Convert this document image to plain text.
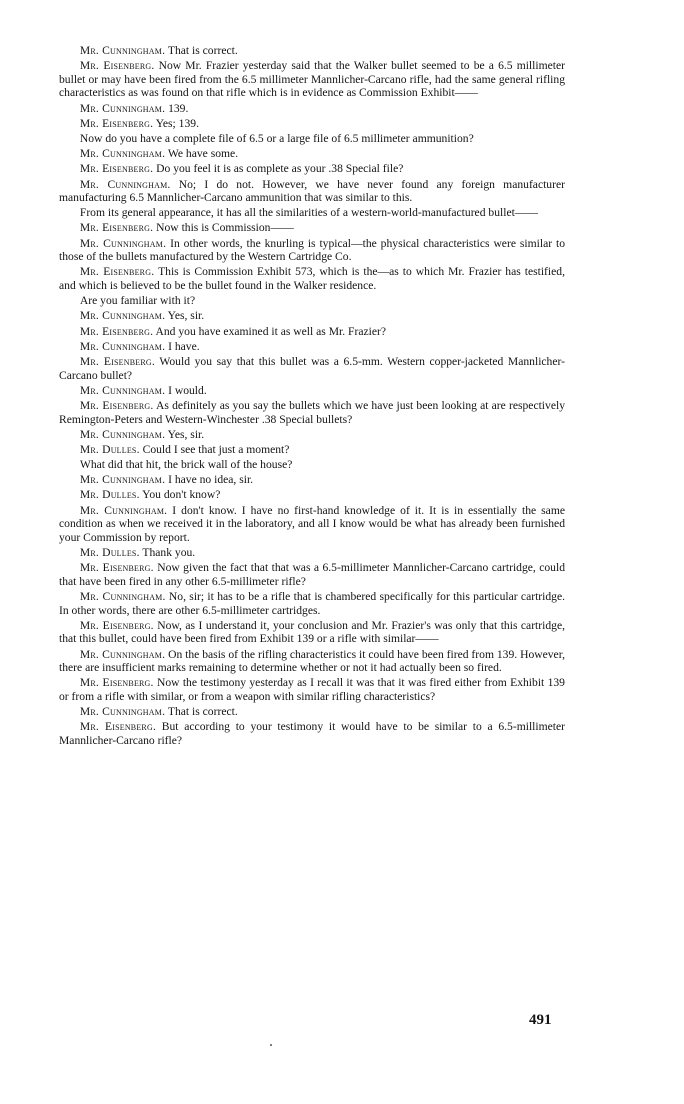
Mr. Cunningham. That is correct.

Mr. Eisenberg. Now Mr. Frazier yesterday said that the Walker bullet seemed to be a 6.5 millimeter bullet or may have been fired from the 6.5 millimeter Mannlicher-Carcano rifle, had the same general rifling characteristics as was found on that rifle which is in evidence as Commission Exhibit——

Mr. Cunningham. 139.

Mr. Eisenberg. Yes; 139.

Now do you have a complete file of 6.5 or a large file of 6.5 millimeter ammunition?

Mr. Cunningham. We have some.

Mr. Eisenberg. Do you feel it is as complete as your .38 Special file?

Mr. Cunningham. No; I do not. However, we have never found any foreign manufacturer manufacturing 6.5 Mannlicher-Carcano ammunition that was similar to this.

From its general appearance, it has all the similarities of a western-world-manufactured bullet——

Mr. Eisenberg. Now this is Commission——

Mr. Cunningham. In other words, the knurling is typical—the physical characteristics were similar to those of the bullets manufactured by the Western Cartridge Co.

Mr. Eisenberg. This is Commission Exhibit 573, which is the—as to which Mr. Frazier has testified, and which is believed to be the bullet found in the Walker residence.

Are you familiar with it?

Mr. Cunningham. Yes, sir.

Mr. Eisenberg. And you have examined it as well as Mr. Frazier?

Mr. Cunningham. I have.

Mr. Eisenberg. Would you say that this bullet was a 6.5-mm. Western copper-jacketed Mannlicher-Carcano bullet?

Mr. Cunningham. I would.

Mr. Eisenberg. As definitely as you say the bullets which we have just been looking at are respectively Remington-Peters and Western-Winchester .38 Special bullets?

Mr. Cunningham. Yes, sir.

Mr. Dulles. Could I see that just a moment?

What did that hit, the brick wall of the house?

Mr. Cunningham. I have no idea, sir.

Mr. Dulles. You don't know?

Mr. Cunningham. I don't know. I have no first-hand knowledge of it. It is in essentially the same condition as when we received it in the laboratory, and all I know would be what has already been furnished your Commission by report.

Mr. Dulles. Thank you.

Mr. Eisenberg. Now given the fact that that was a 6.5-millimeter Mannlicher-Carcano cartridge, could that have been fired in any other 6.5-millimeter rifle?

Mr. Cunningham. No, sir; it has to be a rifle that is chambered specifically for this particular cartridge. In other words, there are other 6.5-millimeter cartridges.

Mr. Eisenberg. Now, as I understand it, your conclusion and Mr. Frazier's was only that this cartridge, that this bullet, could have been fired from Exhibit 139 or a rifle with similar——

Mr. Cunningham. On the basis of the rifling characteristics it could have been fired from 139. However, there are insufficient marks remaining to determine whether or not it had actually been so fired.

Mr. Eisenberg. Now the testimony yesterday as I recall it was that it was fired either from Exhibit 139 or from a rifle with similar, or from a weapon with similar rifling characteristics?

Mr. Cunningham. That is correct.

Mr. Eisenberg. But according to your testimony it would have to be similar to a 6.5-millimeter Mannlicher-Carcano rifle?

491
